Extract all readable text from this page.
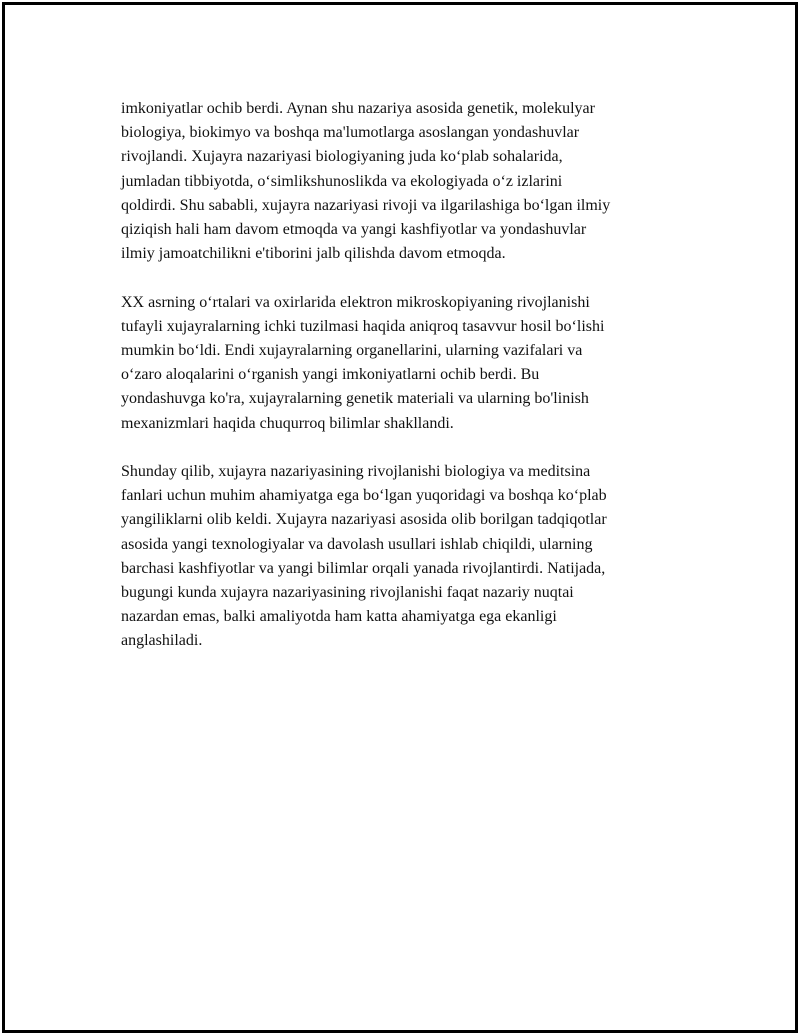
imkoniyatlar ochib berdi. Aynan shu nazariya asosida genetik, molekulyar
biologiya, biokimyo va boshqa ma'lumotlarga asoslangan yondashuvlar
rivojlandi. Xujayra nazariyasi biologiyaning juda ko‘plab sohalarida,
jumladan tibbiyotda, o‘simlikshunoslikda va ekologiyada o‘z izlarini
qoldirdi. Shu sababli, xujayra nazariyasi rivoji va ilgarilashiga bo‘lgan ilmiy
qiziqish hali ham davom etmoqda va yangi kashfiyotlar va yondashuvlar
ilmiy jamoatchilikni e'tiborini jalb qilishda davom etmoqda.

XX asrning o‘rtalari va oxirlarida elektron mikroskopiyaning rivojlanishi
tufayli xujayralarning ichki tuzilmasi haqida aniqroq tasavvur hosil bo‘lishi
mumkin bo‘ldi. Endi xujayralarning organellarini, ularning vazifalari va
o‘zaro aloqalarini o‘rganish yangi imkoniyatlarni ochib berdi. Bu
yondashuvga ko'ra, xujayralarning genetik materiali va ularning bo'linish
mexanizmlari haqida chuqurroq bilimlar shakllandi.

Shunday qilib, xujayra nazariyasining rivojlanishi biologiya va meditsina
fanlari uchun muhim ahamiyatga ega bo‘lgan yuqoridagi va boshqa ko‘plab
yangiliklarni olib keldi. Xujayra nazariyasi asosida olib borilgan tadqiqotlar
asosida yangi texnologiyalar va davolash usullari ishlab chiqildi, ularning
barchasi kashfiyotlar va yangi bilimlar orqali yanada rivojlantirdi. Natijada,
bugungi kunda xujayra nazariyasining rivojlanishi faqat nazariy nuqtai
nazardan emas, balki amaliyotda ham katta ahamiyatga ega ekanligi
anglashiladi.
